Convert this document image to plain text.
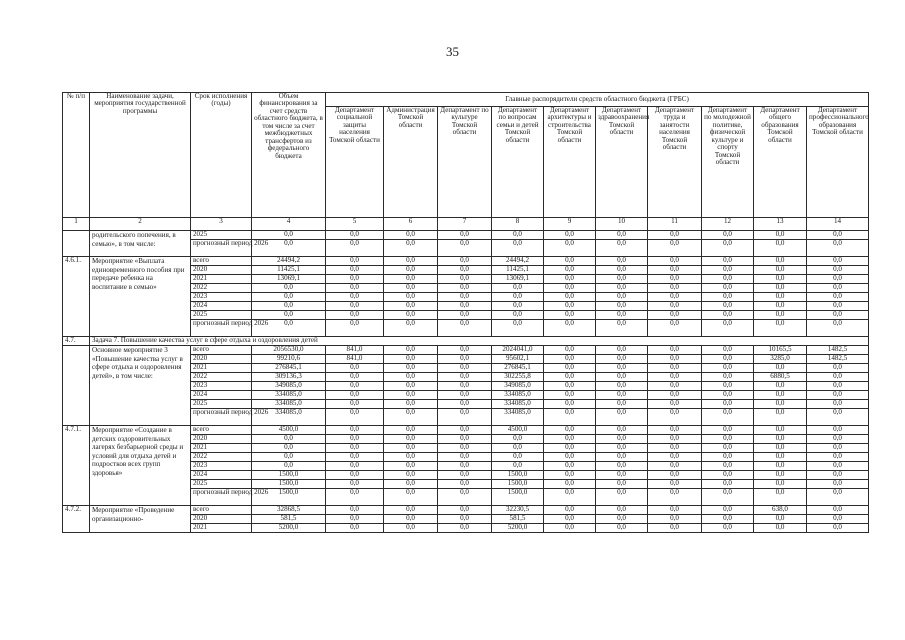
35
№ п/п	Наименование задачи, мероприятия государственной программы	Срок исполнения (годы)	Объем финансирования за счет средств областного бюджета, в том числе за счет межбюджетных трансфертов из федерального бюджета	Главные распорядители средств областного бюджета (ГРБС)									
				Департамент социальной защиты населения Томской области	Администрация Томской области	Департамент по культуре Томской области	Департамент по вопросам семьи и детей Томской области	Департамент архитектуры и строительства Томской области	Департамент здравоохранения Томской области	Департамент труда и занятости населения Томской области	Департамент по молодежной политике, физической культуре и спорту Томской области	Департамент общего образования Томской области	Департамент профессионального образования Томской области
1	2	3	4	5	6	7	8	9	10	11	12	13	14
	родительского попечения, в семью», в том числе:	2025	0,0	0,0	0,0	0,0	0,0	0,0	0,0	0,0	0,0	0,0	0,0
		прогнозный период 2026	0,0	0,0	0,0	0,0	0,0	0,0	0,0	0,0	0,0	0,0	0,0
4.6.1.	Мероприятие «Выплата единовременного пособия при передаче ребенка на воспитание в семью»	всего	24494,2	0,0	0,0	0,0	24494,2	0,0	0,0	0,0	0,0	0,0	0,0
		2020	11425,1	0,0	0,0	0,0	11425,1	0,0	0,0	0,0	0,0	0,0	0,0
		2021	13069,1	0,0	0,0	0,0	13069,1	0,0	0,0	0,0	0,0	0,0	0,0
		2022	0,0	0,0	0,0	0,0	0,0	0,0	0,0	0,0	0,0	0,0	0,0
		2023	0,0	0,0	0,0	0,0	0,0	0,0	0,0	0,0	0,0	0,0	0,0
		2024	0,0	0,0	0,0	0,0	0,0	0,0	0,0	0,0	0,0	0,0	0,0
		2025	0,0	0,0	0,0	0,0	0,0	0,0	0,0	0,0	0,0	0,0	0,0
		прогнозный период 2026	0,0	0,0	0,0	0,0	0,0	0,0	0,0	0,0	0,0	0,0	0,0
4.7.	Задача 7. Повышение качества услуг в сфере отдыха и оздоровления детей												
	Основное мероприятие 3 «Повышение качества услуг в сфере отдыха и оздоровления детей», в том числе:	всего	2056530,0	841,0	0,0	0,0	2024041,0	0,0	0,0	0,0	0,0	10165,5	1482,5
		2020	99210,6	841,0	0,0	0,0	95602,1	0,0	0,0	0,0	0,0	3285,0	1482,5
		2021	276845,1	0,0	0,0	0,0	276845,1	0,0	0,0	0,0	0,0	0,0	0,0
		2022	309136,3	0,0	0,0	0,0	302255,8	0,0	0,0	0,0	0,0	6880,5	0,0
		2023	349085,0	0,0	0,0	0,0	349085,0	0,0	0,0	0,0	0,0	0,0	0,0
		2024	334085,0	0,0	0,0	0,0	334085,0	0,0	0,0	0,0	0,0	0,0	0,0
		2025	334085,0	0,0	0,0	0,0	334085,0	0,0	0,0	0,0	0,0	0,0	0,0
		прогнозный период 2026	334085,0	0,0	0,0	0,0	334085,0	0,0	0,0	0,0	0,0	0,0	0,0
4.7.1.	Мероприятие «Создание в детских оздоровительных лагерях безбарьерной среды и условий для отдыха детей и подростков всех групп здоровья»	всего	4500,0	0,0	0,0	0,0	4500,0	0,0	0,0	0,0	0,0	0,0	0,0
		2020	0,0	0,0	0,0	0,0	0,0	0,0	0,0	0,0	0,0	0,0	0,0
		2021	0,0	0,0	0,0	0,0	0,0	0,0	0,0	0,0	0,0	0,0	0,0
		2022	0,0	0,0	0,0	0,0	0,0	0,0	0,0	0,0	0,0	0,0	0,0
		2023	0,0	0,0	0,0	0,0	0,0	0,0	0,0	0,0	0,0	0,0	0,0
		2024	1500,0	0,0	0,0	0,0	1500,0	0,0	0,0	0,0	0,0	0,0	0,0
		2025	1500,0	0,0	0,0	0,0	1500,0	0,0	0,0	0,0	0,0	0,0	0,0
		прогнозный период 2026	1500,0	0,0	0,0	0,0	1500,0	0,0	0,0	0,0	0,0	0,0	0,0
4.7.2.	Мероприятие «Проведение организационно-	всего	32868,5	0,0	0,0	0,0	32230,5	0,0	0,0	0,0	0,0	638,0	0,0
		2020	581,5	0,0	0,0	0,0	581,5	0,0	0,0	0,0	0,0	0,0	0,0
		2021	5200,0	0,0	0,0	0,0	5200,0	0,0	0,0	0,0	0,0	0,0	0,0
